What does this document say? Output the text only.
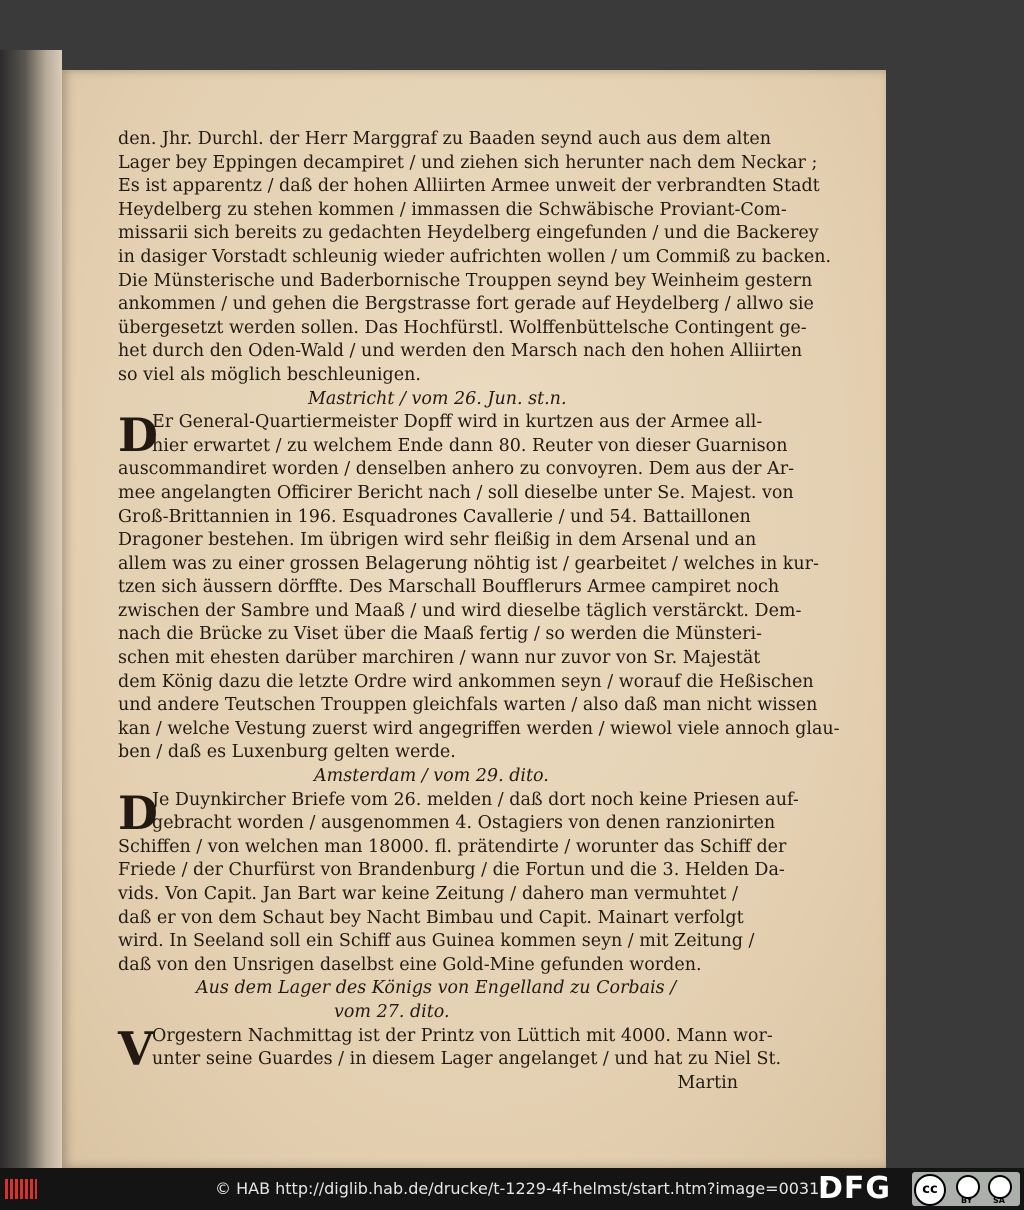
den. Jhr. Durchl. der Herr Marggraf zu Baaden seynd auch aus dem alten
Lager bey Eppingen decampiret / und ziehen sich herunter nach dem Neckar ;
Es ist apparentz / daß der hohen Alliirten Armee unweit der verbrandten Stadt
Heydelberg zu stehen kommen / immassen die Schwäbische Proviant-Com-
missarii sich bereits zu gedachten Heydelberg eingefunden / und die Backerey
in dasiger Vorstadt schleunig wieder aufrichten wollen / um Commiß zu backen.
Die Münsterische und Baderbornische Trouppen seynd bey Weinheim gestern
ankommen / und gehen die Bergstrasse fort gerade auf Heydelberg / allwo sie
übergesetzt werden sollen. Das Hochfürstl. Wolffenbüttelsche Contingent ge-
het durch den Oden-Wald / und werden den Marsch nach den hohen Alliirten
so viel als möglich beschleunigen.
Mastricht / vom 26. Jun. st.n.
D
Er General-Quartiermeister Dopff wird in kurtzen aus der Armee all-
hier erwartet / zu welchem Ende dann 80. Reuter von dieser Guarnison
auscommandiret worden / denselben anhero zu convoyren. Dem aus der Ar-
mee angelangten Officirer Bericht nach / soll dieselbe unter Se. Majest. von
Groß-Brittannien in 196. Esquadrones Cavallerie / und 54. Battaillonen
Dragoner bestehen. Im übrigen wird sehr fleißig in dem Arsenal und an
allem was zu einer grossen Belagerung nöhtig ist / gearbeitet / welches in kur-
tzen sich äussern dörffte. Des Marschall Boufflerurs Armee campiret noch
zwischen der Sambre und Maaß / und wird dieselbe täglich verstärckt. Dem-
nach die Brücke zu Viset über die Maaß fertig / so werden die Münsteri-
schen mit ehesten darüber marchiren / wann nur zuvor von Sr. Majestät
dem König dazu die letzte Ordre wird ankommen seyn / worauf die Heßischen
und andere Teutschen Trouppen gleichfals warten / also daß man nicht wissen
kan / welche Vestung zuerst wird angegriffen werden / wiewol viele annoch glau-
ben / daß es Luxenburg gelten werde.
Amsterdam / vom 29. dito.
D
Je Duynkircher Briefe vom 26. melden / daß dort noch keine Priesen auf-
gebracht worden / ausgenommen 4. Ostagiers von denen ranzionirten
Schiffen / von welchen man 18000. fl. prätendirte / worunter das Schiff der
Friede / der Churfürst von Brandenburg / die Fortun und die 3. Helden Da-
vids. Von Capit. Jan Bart war keine Zeitung / dahero man vermuhtet /
daß er von dem Schaut bey Nacht Bimbau und Capit. Mainart verfolgt
wird. In Seeland soll ein Schiff aus Guinea kommen seyn / mit Zeitung /
daß von den Unsrigen daselbst eine Gold-Mine gefunden worden.
Aus dem Lager des Königs von Engelland zu Corbais /
vom 27. dito.
V
Orgestern Nachmittag ist der Printz von Lüttich mit 4000. Mann wor-
unter seine Guardes / in diesem Lager angelanget / und hat zu Niel St.
Martin
© HAB http://diglib.hab.de/drucke/t-1229-4f-helmst/start.htm?image=00317
DFG	cc
BY	SA
